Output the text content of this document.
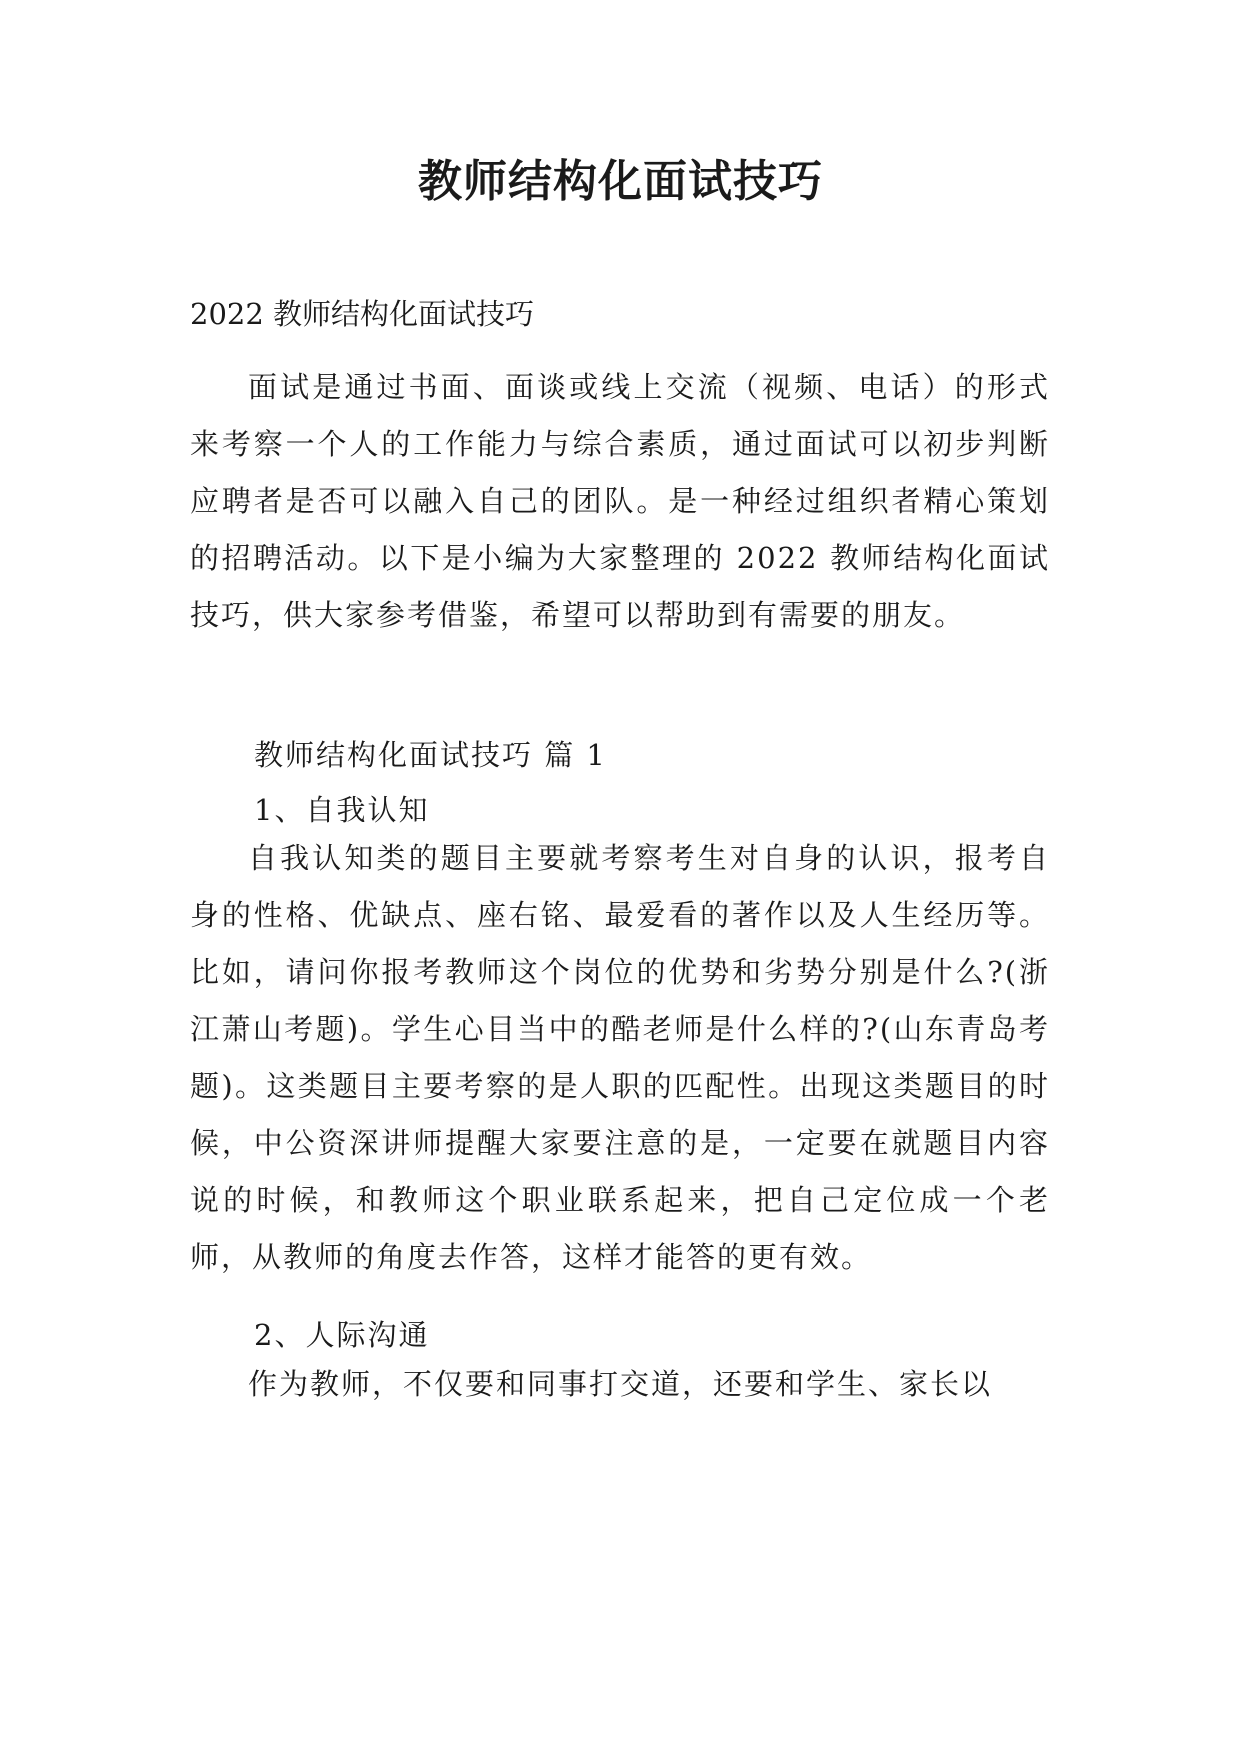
教师结构化面试技巧

2022 教师结构化面试技巧

面试是通过书面、面谈或线上交流（视频、电话）的形式来考察一个人的工作能力与综合素质，通过面试可以初步判断应聘者是否可以融入自己的团队。是一种经过组织者精心策划的招聘活动。以下是小编为大家整理的 2022 教师结构化面试技巧，供大家参考借鉴，希望可以帮助到有需要的朋友。

教师结构化面试技巧 篇 1

1、自我认知

自我认知类的题目主要就考察考生对自身的认识，报考自身的性格、优缺点、座右铭、最爱看的著作以及人生经历等。比如，请问你报考教师这个岗位的优势和劣势分别是什么?(浙江萧山考题)。学生心目当中的酷老师是什么样的?(山东青岛考题)。这类题目主要考察的是人职的匹配性。出现这类题目的时候，中公资深讲师提醒大家要注意的是，一定要在就题目内容说的时候，和教师这个职业联系起来，把自己定位成一个老师，从教师的角度去作答，这样才能答的更有效。

2、人际沟通

作为教师，不仅要和同事打交道，还要和学生、家长以
